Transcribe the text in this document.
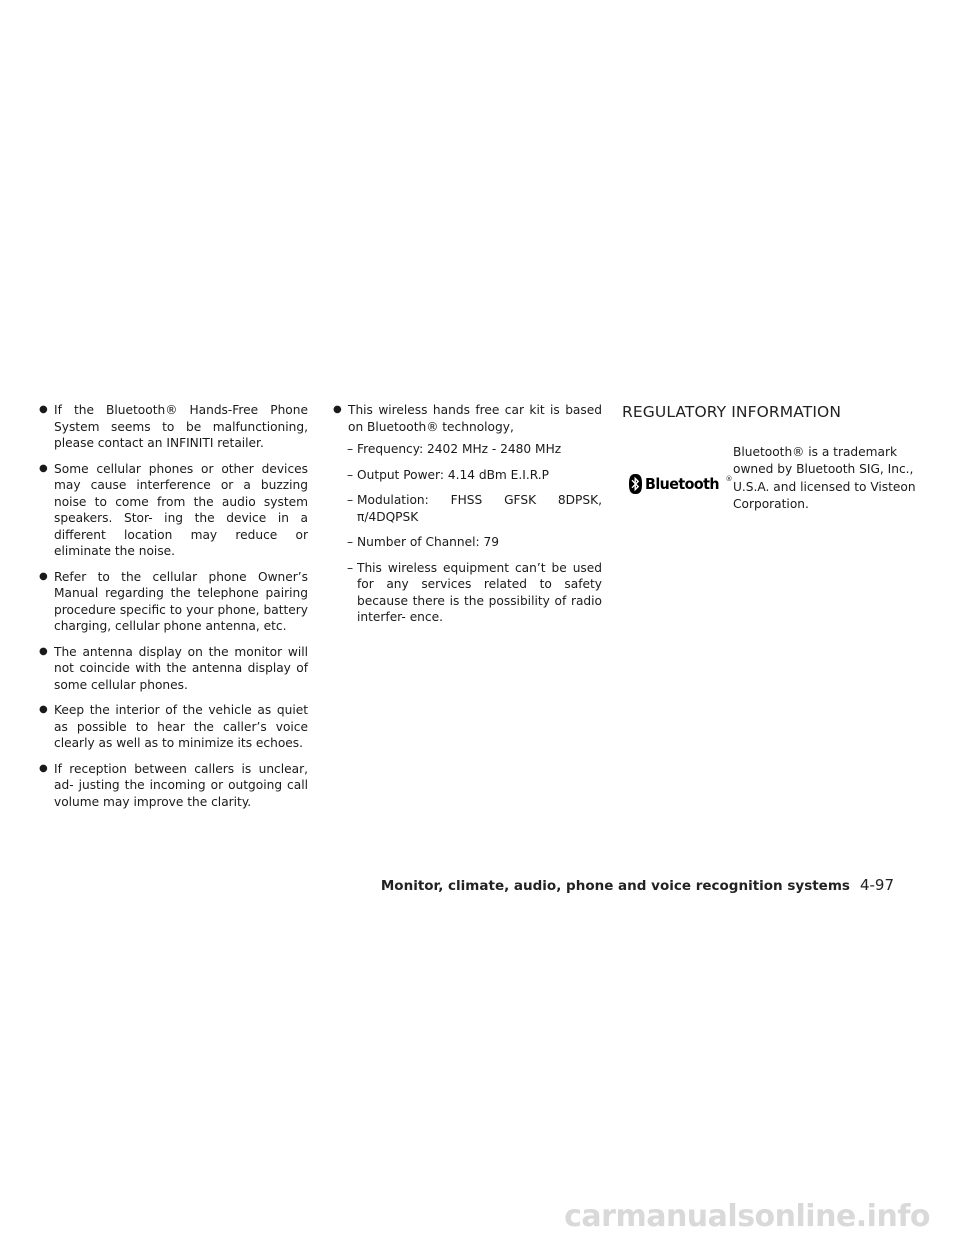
● If the Bluetooth® Hands-Free Phone System seems to be malfunctioning, please contact an INFINITI retailer.

● Some cellular phones or other devices may cause interference or a buzzing noise to come from the audio system speakers. Stor- ing the device in a different location may reduce or eliminate the noise.

● Refer to the cellular phone Owner’s Manual regarding the telephone pairing procedure specific to your phone, battery charging, cellular phone antenna, etc.

● The antenna display on the monitor will not coincide with the antenna display of some cellular phones.

● Keep the interior of the vehicle as quiet as possible to hear the caller’s voice clearly as well as to minimize its echoes.

● If reception between callers is unclear, ad- justing the incoming or outgoing call volume may improve the clarity.

● This wireless hands free car kit is based on Bluetooth® technology,

– Frequency: 2402 MHz - 2480 MHz

– Output Power: 4.14 dBm E.I.R.P

– Modulation: FHSS GFSK 8DPSK,
π/4DQPSK

– Number of Channel: 79

– This wireless equipment can’t be used for any services related to safety because there is the possibility of radio interfer- ence.

REGULATORY INFORMATION
Bluetooth ®
Bluetooth® is a trademark owned by Bluetooth SIG, Inc., U.S.A. and licensed to Visteon Corporation.
Monitor, climate, audio, phone and voice recognition systems 4-97
carmanualsonline.info
